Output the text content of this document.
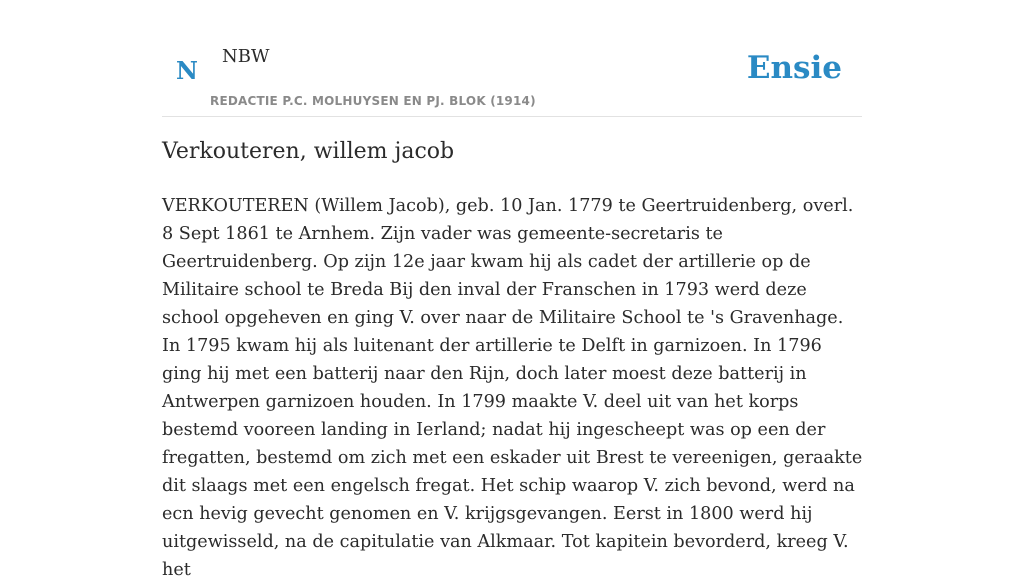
N NBW
REDACTIE P.C. MOLHUYSEN EN PJ. BLOK (1914)
Ensie
Verkouteren, willem jacob

VERKOUTEREN (Willem Jacob), geb. 10 Jan. 1779 te Geertruidenberg, overl. 8 Sept 1861 te Arnhem. Zijn vader was gemeente-secretaris te Geertruidenberg. Op zijn 12e jaar kwam hij als cadet der artillerie op de Militaire school te Breda Bij den inval der Franschen in 1793 werd deze school opgeheven en ging V. over naar de Militaire School te 's Gravenhage. In 1795 kwam hij als luitenant der artillerie te Delft in garnizoen. In 1796 ging hij met een batterij naar den Rijn, doch later moest deze batterij in Antwerpen garnizoen houden. In 1799 maakte V. deel uit van het korps bestemd vooreen landing in Ierland; nadat hij ingescheept was op een der fregatten, bestemd om zich met een eskader uit Brest te vereenigen, geraakte dit slaags met een engelsch fregat. Het schip waarop V. zich bevond, werd na ecn hevig gevecht genomen en V. krijgsgevangen. Eerst in 1800 werd hij uitgewisseld, na de capitulatie van Alkmaar. Tot kapitein bevorderd, kreeg V. het
